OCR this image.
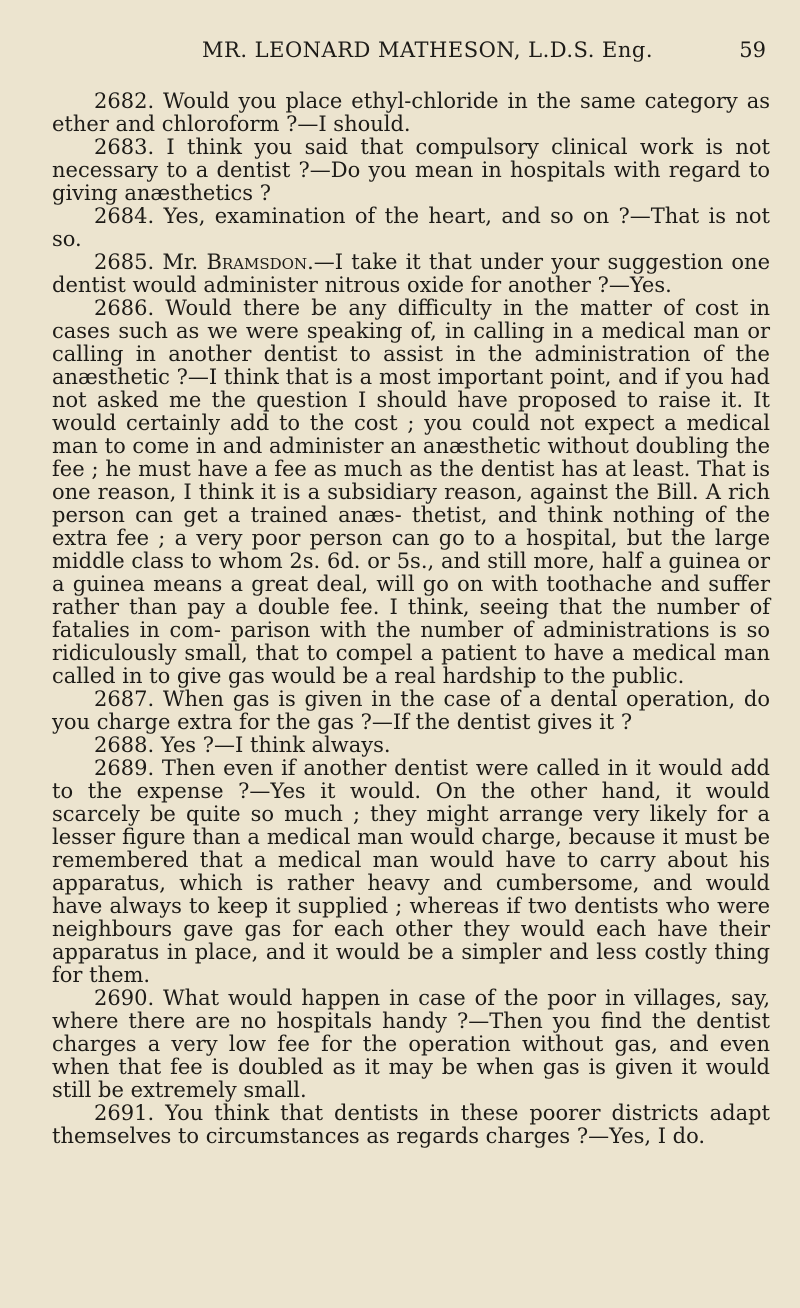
MR. LEONARD MATHESON, L.D.S. Eng.	59

2682. Would you place ethyl-chloride in the same category as ether and chloroform ?—I should.

2683. I think you said that compulsory clinical work is not necessary to a dentist ?—Do you mean in hospitals with regard to giving anæsthetics ?

2684. Yes, examination of the heart, and so on ?—That is not so.

2685. Mr. Bramsdon.—I take it that under your suggestion one dentist would administer nitrous oxide for another ?—Yes.

2686. Would there be any difficulty in the matter of cost in cases such as we were speaking of, in calling in a medical man or calling in another dentist to assist in the administration of the anæsthetic ?—I think that is a most important point, and if you had not asked me the question I should have proposed to raise it. It would certainly add to the cost ; you could not expect a medical man to come in and administer an anæsthetic without doubling the fee ; he must have a fee as much as the dentist has at least. That is one reason, I think it is a subsidiary reason, against the Bill. A rich person can get a trained anæs- thetist, and think nothing of the extra fee ; a very poor person can go to a hospital, but the large middle class to whom 2s. 6d. or 5s., and still more, half a guinea or a guinea means a great deal, will go on with toothache and suffer rather than pay a double fee. I think, seeing that the number of fatalies in com- parison with the number of administrations is so ridiculously small, that to compel a patient to have a medical man called in to give gas would be a real hardship to the public.

2687. When gas is given in the case of a dental operation, do you charge extra for the gas ?—If the dentist gives it ?

2688. Yes ?—I think always.

2689. Then even if another dentist were called in it would add to the expense ?—Yes it would. On the other hand, it would scarcely be quite so much ; they might arrange very likely for a lesser figure than a medical man would charge, because it must be remembered that a medical man would have to carry about his apparatus, which is rather heavy and cumbersome, and would have always to keep it supplied ; whereas if two dentists who were neighbours gave gas for each other they would each have their apparatus in place, and it would be a simpler and less costly thing for them.

2690. What would happen in case of the poor in villages, say, where there are no hospitals handy ?—Then you find the dentist charges a very low fee for the operation without gas, and even when that fee is doubled as it may be when gas is given it would still be extremely small.

2691. You think that dentists in these poorer districts adapt themselves to circumstances as regards charges ?—Yes, I do.
